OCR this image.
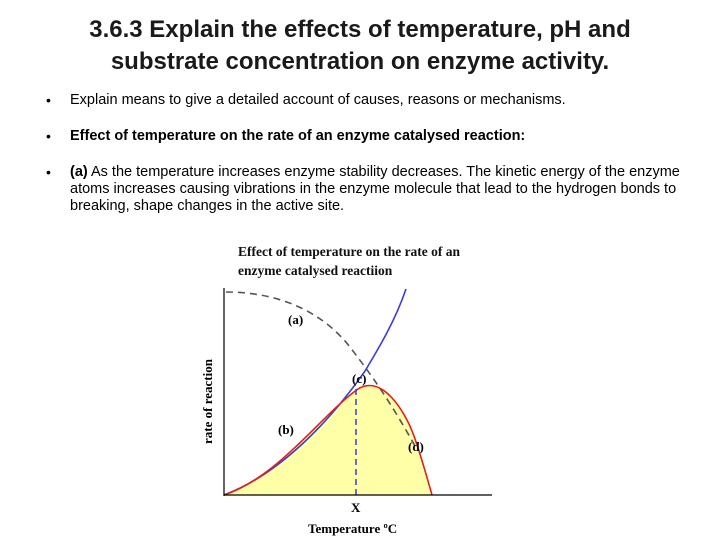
3.6.3 Explain the effects of temperature, pH and
substrate concentration on enzyme activity.
• Explain means to give a detailed account of causes, reasons or mechanisms.
• Effect of temperature on the rate of an enzyme catalysed reaction:
• (a) As the temperature increases enzyme stability decreases. The kinetic energy of the enzyme atoms increases causing vibrations in the enzyme molecule that lead to the hydrogen bonds to breaking, shape changes in the active site.
Effect of temperature on the rate of an
enzyme catalysed reactiion
(a)
(b)
(c)
(d)
X
Temperature ºC
rate of reaction
